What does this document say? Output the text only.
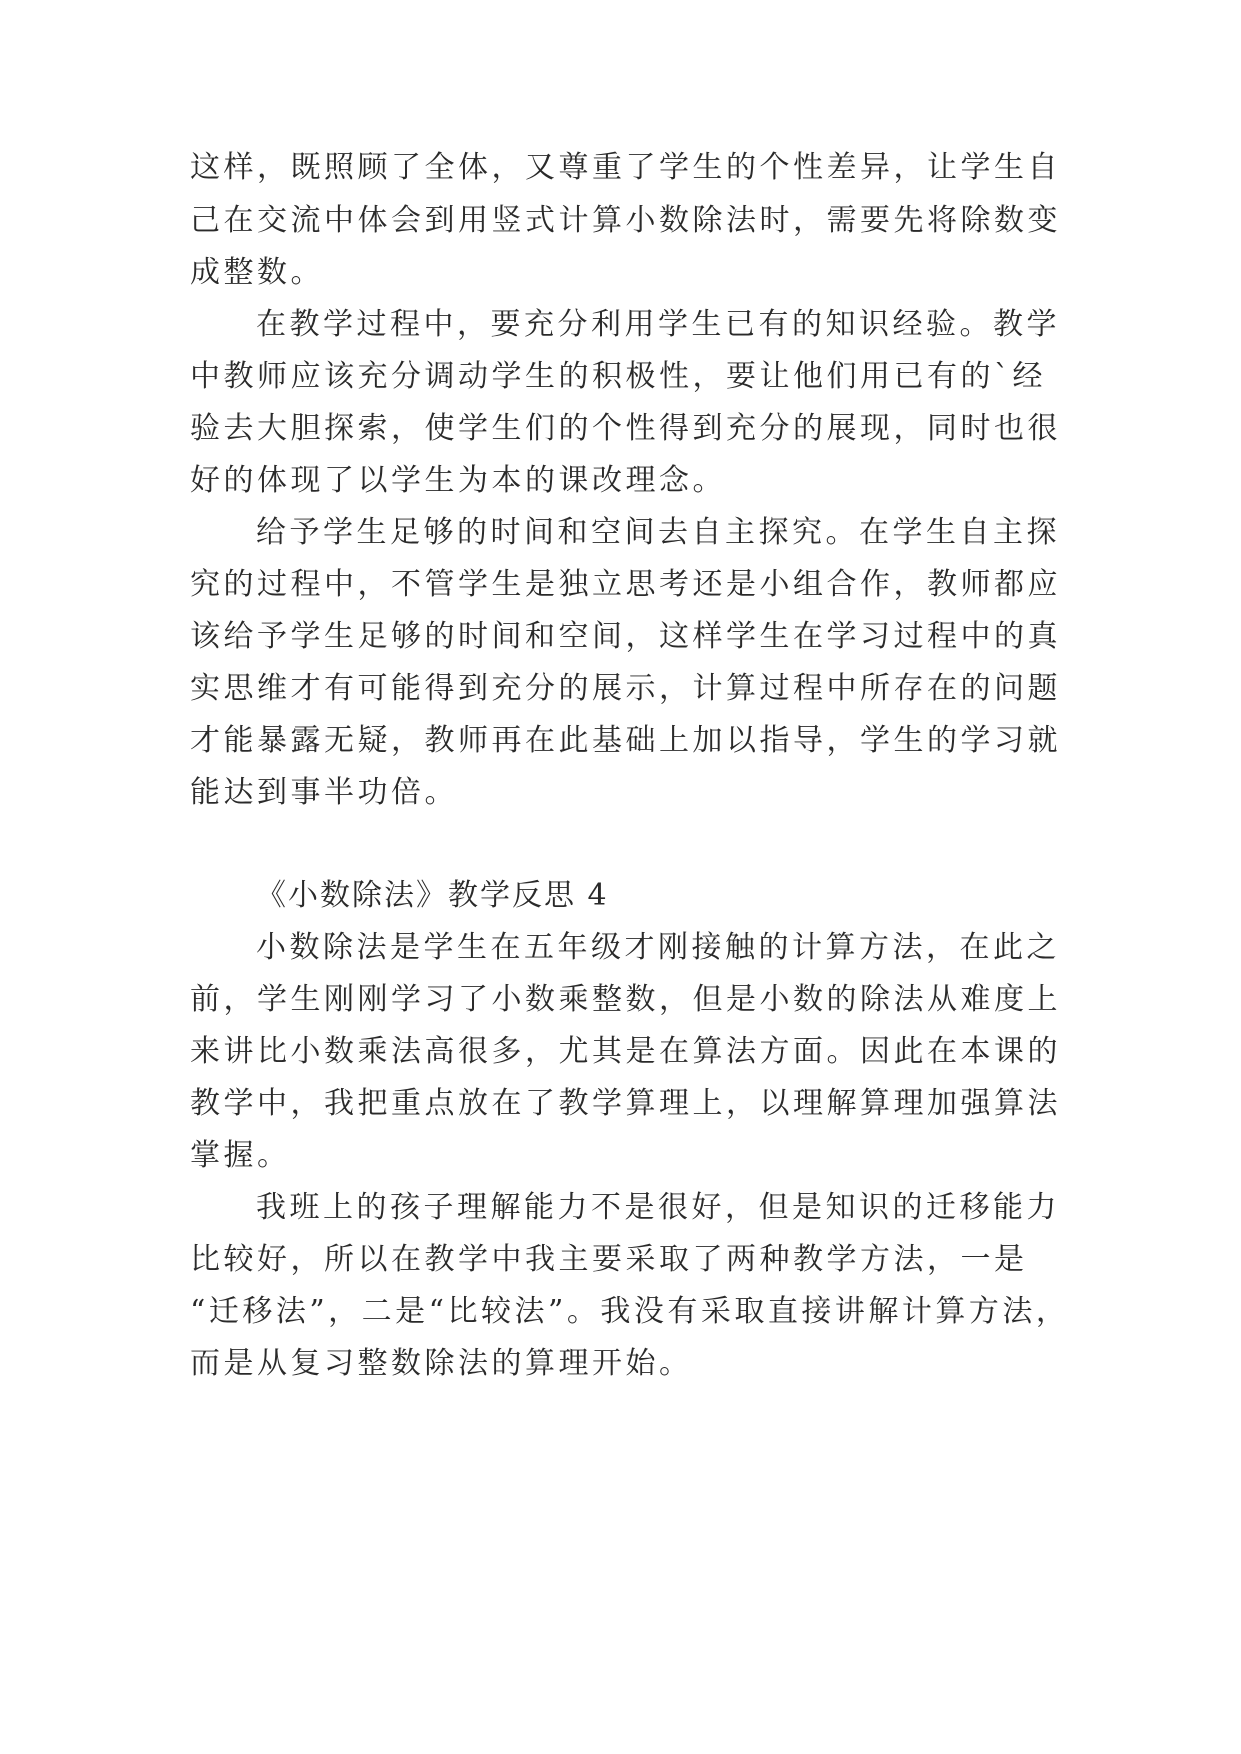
这样，既照顾了全体，又尊重了学生的个性差异，让学生自
己在交流中体会到用竖式计算小数除法时，需要先将除数变
成整数。
在教学过程中，要充分利用学生已有的知识经验。教学
中教师应该充分调动学生的积极性，要让他们用已有的`经
验去大胆探索，使学生们的个性得到充分的展现，同时也很
好的体现了以学生为本的课改理念。
给予学生足够的时间和空间去自主探究。在学生自主探
究的过程中，不管学生是独立思考还是小组合作，教师都应
该给予学生足够的时间和空间，这样学生在学习过程中的真
实思维才有可能得到充分的展示，计算过程中所存在的问题
才能暴露无疑，教师再在此基础上加以指导，学生的学习就
能达到事半功倍。
《小数除法》教学反思 4
小数除法是学生在五年级才刚接触的计算方法，在此之
前，学生刚刚学习了小数乘整数，但是小数的除法从难度上
来讲比小数乘法高很多，尤其是在算法方面。因此在本课的
教学中，我把重点放在了教学算理上，以理解算理加强算法
掌握。
我班上的孩子理解能力不是很好，但是知识的迁移能力
比较好，所以在教学中我主要采取了两种教学方法，一是
“迁移法”，二是“比较法”。我没有采取直接讲解计算方法，
而是从复习整数除法的算理开始。
